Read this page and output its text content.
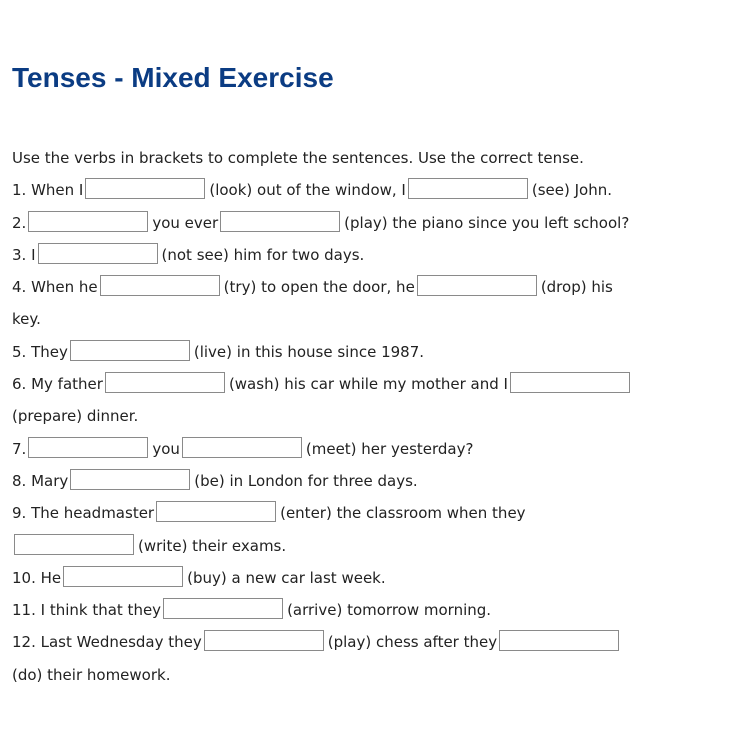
Tenses - Mixed Exercise
Use the verbs in brackets to complete the sentences. Use the correct tense.
1. When I	(look) out of the window, I	(see) John.
2.	you ever	(play) the piano since you left school?
3. I	(not see) him for two days.
4. When he	(try) to open the door, he	(drop) his
key.
5. They	(live) in this house since 1987.
6. My father	(wash) his car while my mother and I
(prepare) dinner.
7.	you	(meet) her yesterday?
8. Mary	(be) in London for three days.
9. The headmaster	(enter) the classroom when they
(write) their exams.
10. He	(buy) a new car last week.
11. I think that they	(arrive) tomorrow morning.
12. Last Wednesday they	(play) chess after they
(do) their homework.
